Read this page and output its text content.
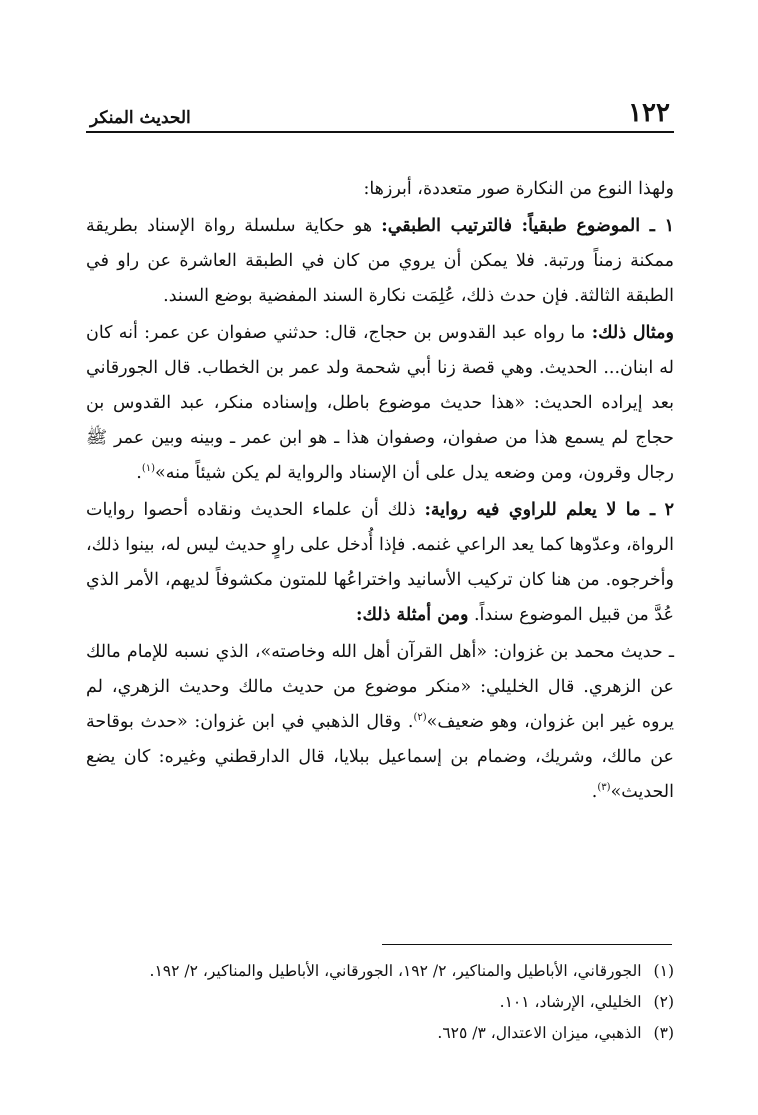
١٢٢
الحديث المنكر

ولهذا النوع من النكارة صور متعددة، أبرزها:

١ ـ الموضوع طبقياً: فالترتيب الطبقي: هو حكاية سلسلة رواة الإسناد بطريقة ممكنة زمناً ورتبة. فلا يمكن أن يروي من كان في الطبقة العاشرة عن راو في الطبقة الثالثة. فإن حدث ذلك، عُلِمَت نكارة السند المفضية بوضع السند.

ومثال ذلك: ما رواه عبد القدوس بن حجاج، قال: حدثني صفوان عن عمر: أنه كان له ابنان... الحديث. وهي قصة زنا أبي شحمة ولد عمر بن الخطاب. قال الجورقاني بعد إيراده الحديث: «هذا حديث موضوع باطل، وإسناده منكر، عبد القدوس بن حجاج لم يسمع هذا من صفوان، وصفوان هذا ـ هو ابن عمر ـ وبينه وبين عمر ﷺ رجال وقرون، ومن وضعه يدل على أن الإسناد والرواية لم يكن شيئاً منه»$^{(١)}$.

٢ ـ ما لا يعلم للراوي فيه رواية: ذلك أن علماء الحديث ونقاده أحصوا روايات الرواة، وعدّوها كما يعد الراعي غنمه. فإذا أُدخل على راوٍ حديث ليس له، بينوا ذلك، وأخرجوه. من هنا كان تركيب الأسانيد واختراعُها للمتون مكشوفاً لديهم، الأمر الذي عُدَّ من قبيل الموضوع سنداً. ومن أمثلة ذلك:

ـ حديث محمد بن غزوان: «أهل القرآن أهل الله وخاصته»، الذي نسبه للإمام مالك عن الزهري. قال الخليلي: «منكر موضوع من حديث مالك وحديث الزهري، لم يروه غير ابن غزوان، وهو ضعيف»$^{(٢)}$. وقال الذهبي في ابن غزوان: «حدث بوقاحة عن مالك، وشريك، وضمام بن إسماعيل ببلايا، قال الدارقطني وغيره: كان يضع الحديث»$^{(٣)}$.

(١)
الجورقاني، الأباطيل والمناكير، ٢/ ١٩٢، الجورقاني، الأباطيل والمناكير، ٢/ ١٩٢.
(٢)
الخليلي، الإرشاد، ١٠١.
(٣)
الذهبي، ميزان الاعتدال، ٣/ ٦٢٥.
